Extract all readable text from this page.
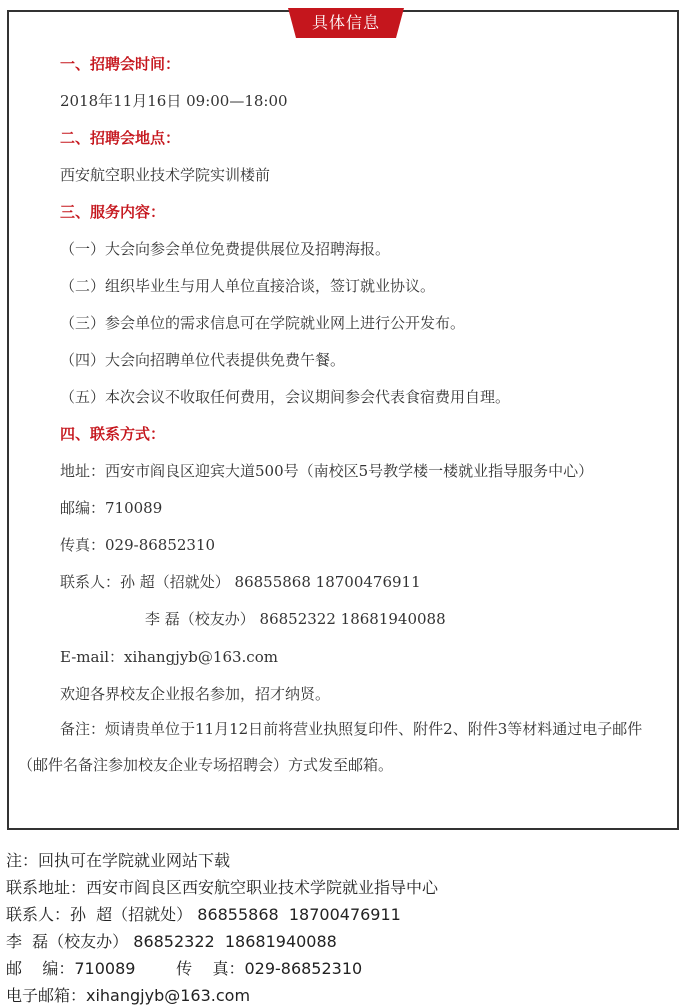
具体信息
一、招聘会时间：
2018年11月16日 09:00—18:00
二、招聘会地点：
西安航空职业技术学院实训楼前
三、服务内容：
（一）大会向参会单位免费提供展位及招聘海报。
（二）组织毕业生与用人单位直接洽谈，签订就业协议。
（三）参会单位的需求信息可在学院就业网上进行公开发布。
（四）大会向招聘单位代表提供免费午餐。
（五）本次会议不收取任何费用，会议期间参会代表食宿费用自理。
四、联系方式：
地址：西安市阎良区迎宾大道500号（南校区5号教学楼一楼就业指导服务中心）
邮编：710089
传真：029-86852310
联系人：孙 超（招就处） 86855868 18700476911
李 磊（校友办） 86852322 18681940088
E-mail：xihangjyb@163.com
欢迎各界校友企业报名参加，招才纳贤。
备注：烦请贵单位于11月12日前将营业执照复印件、附件2、附件3等材料通过电子邮件（邮件名备注参加校友企业专场招聘会）方式发至邮箱。
注：回执可在学院就业网站下载
联系地址：西安市阎良区西安航空职业技术学院就业指导中心
联系人：孙  超（招就处） 86855868  18700476911
李  磊（校友办） 86852322  18681940088
邮    编：710089        传    真：029-86852310
电子邮箱：xihangjyb@163.com
